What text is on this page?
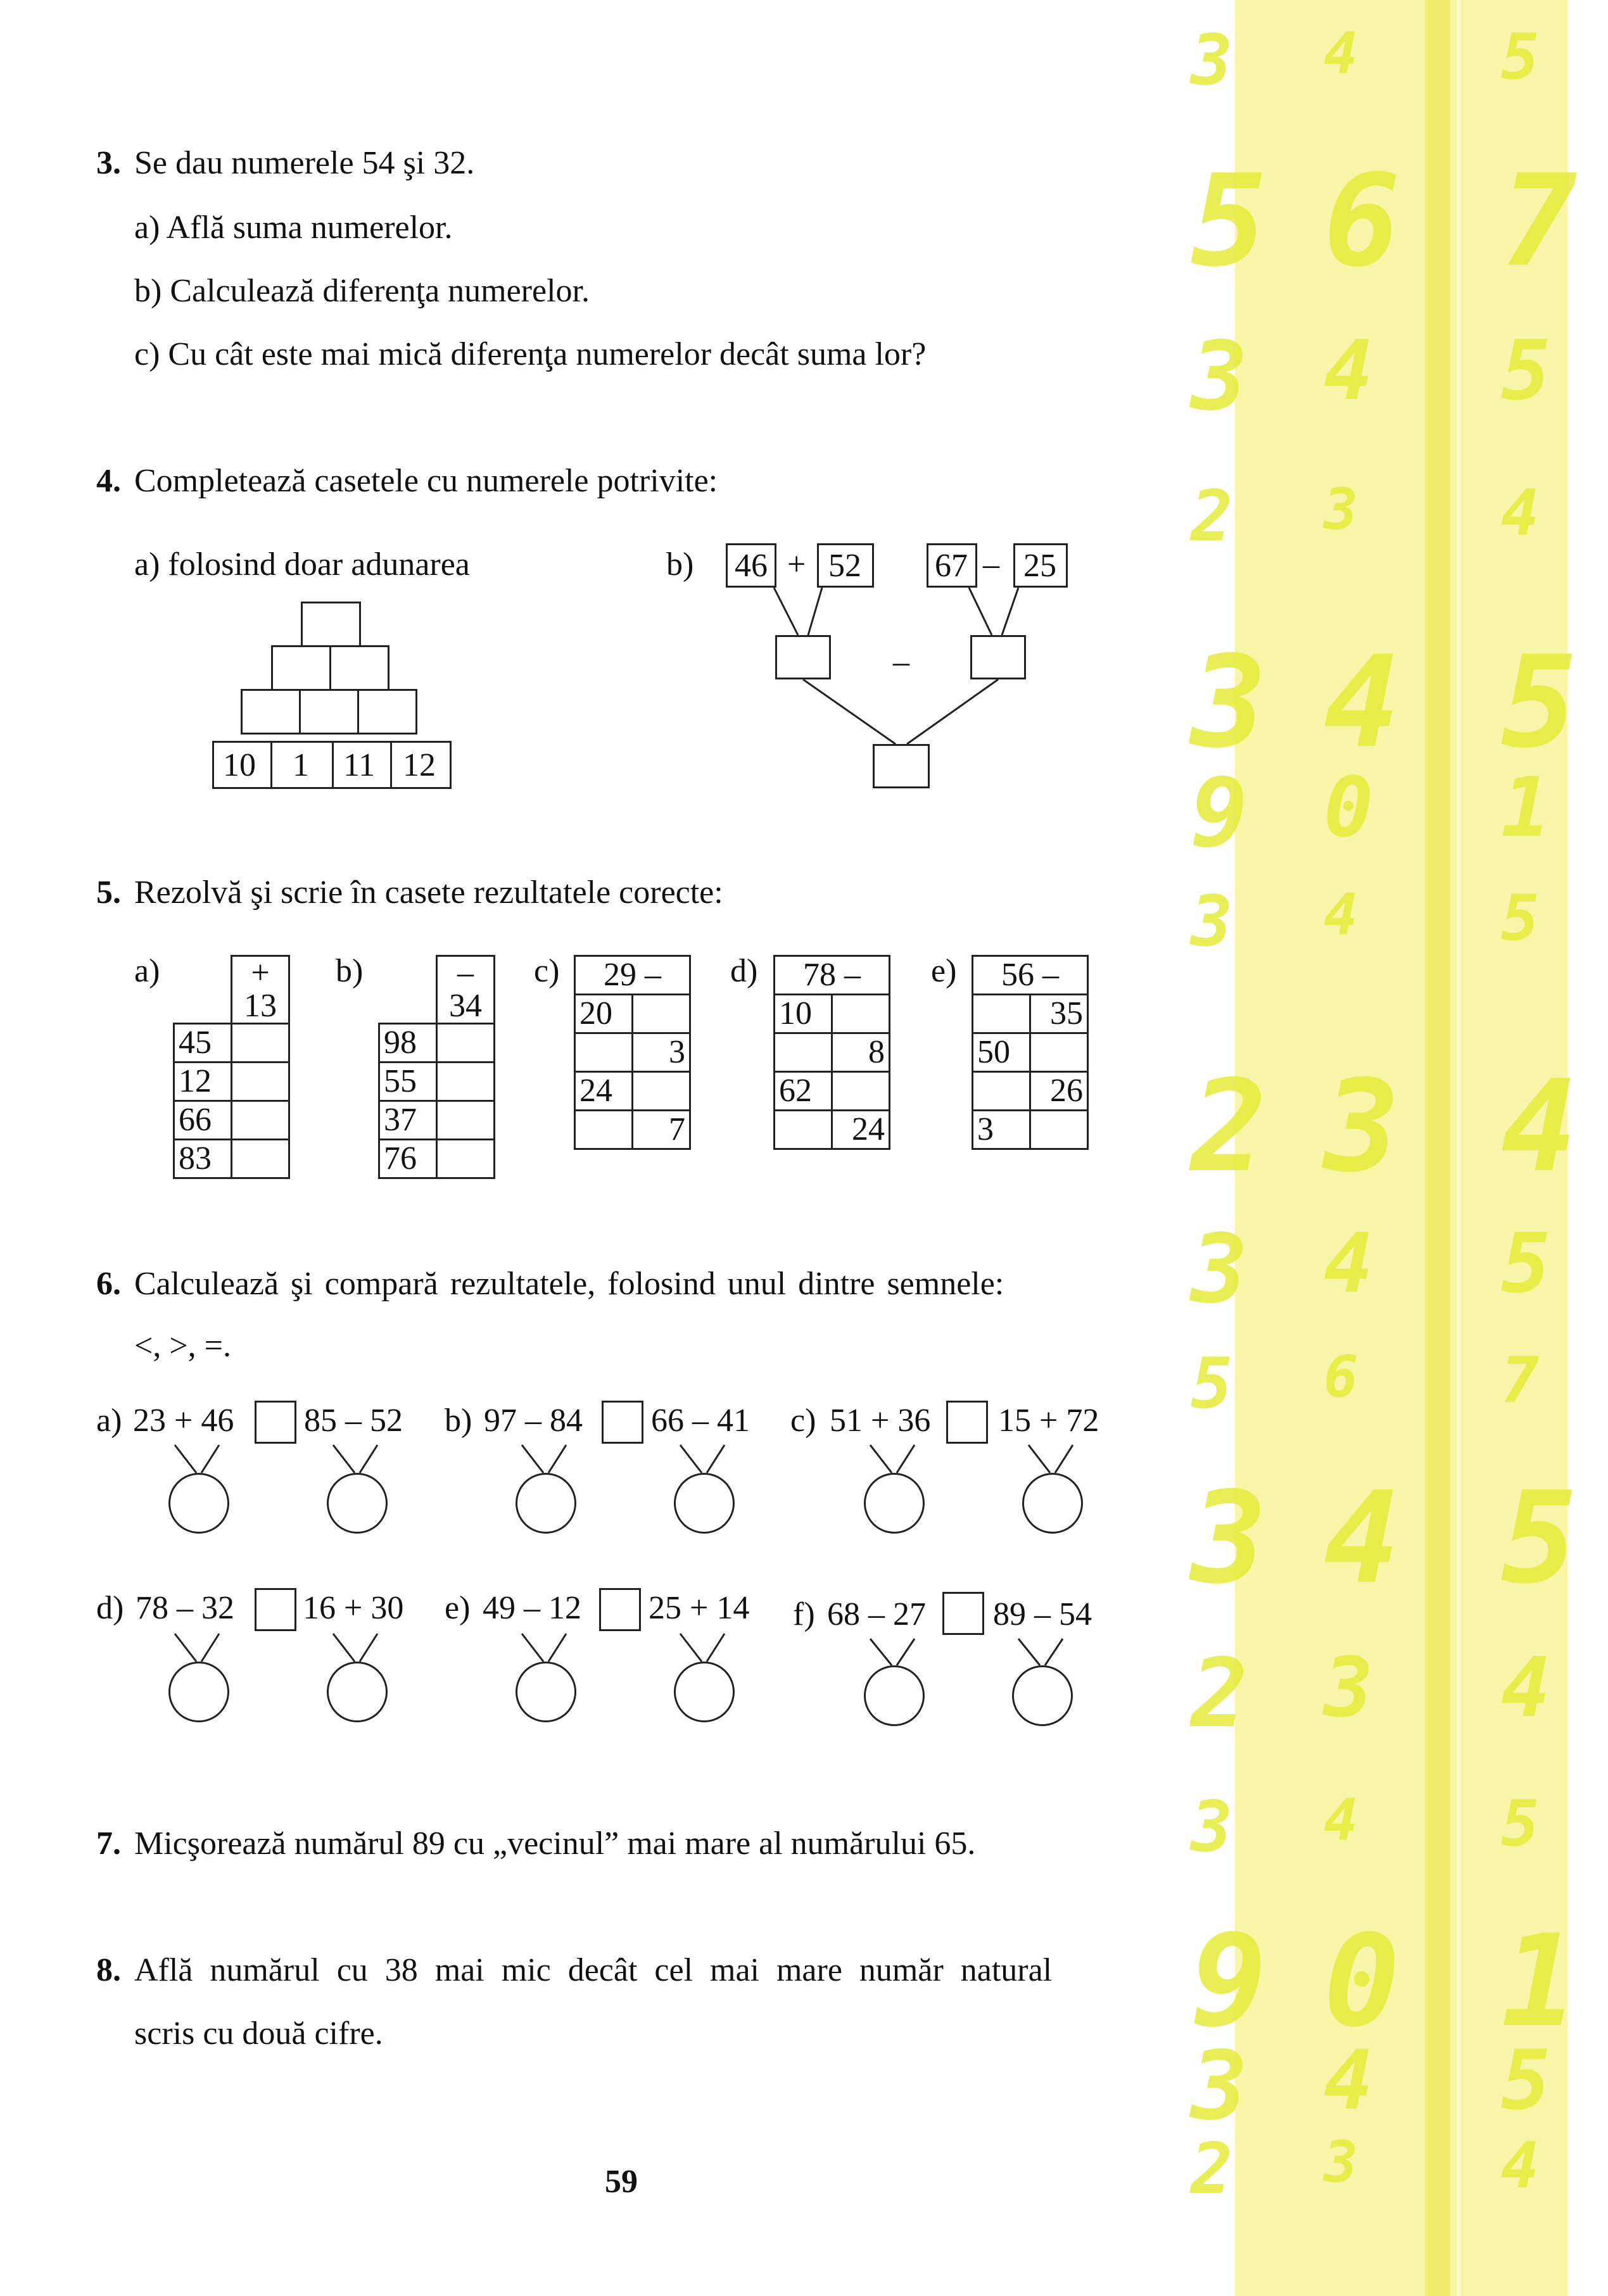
3 4 5
5 6 7
3 4 5
2 3 4
3 4 5
9 0 1
3 4 5
2 3 4
3 4 5
5 6 7
3 4 5
2 3 4
3 4 5
9 0 1
3 4 5
2 3 4
3. Se dau numerele 54 şi 32.
a) Află suma numerelor.
b) Calculează diferenţa numerelor.
c) Cu cât este mai mică diferenţa numerelor decât suma lor?
4. Completează casetele cu numerele potrivite:
a) folosind doar adunarea	b)
10 1 11 12
46 + 52 67 – 25
–
5. Rezolvă şi scrie în casete rezultatele corecte:
a)
		+ 13
45	
12	
66	
83	
b)
		– 34
98	
55	
37	
76	
c) 29 –	
20	
	3
24	
	7
d) 78 –	
10	
	8
62	
	24
e) 56 –	
	35
50	
	26
3	
6. Calculează şi compară rezultatele, folosind unul dintre semnele:
<, >, =.
a) 23 + 46 85 – 52 b) 97 – 84 66 – 41 c) 51 + 36 15 + 72
d) 78 – 32 16 + 30 e) 49 – 12 25 + 14 f) 68 – 27 89 – 54
7. Micşorează numărul 89 cu „vecinul” mai mare al numărului 65.
8. Află numărul cu 38 mai mic decât cel mai mare număr natural
scris cu două cifre.
59
